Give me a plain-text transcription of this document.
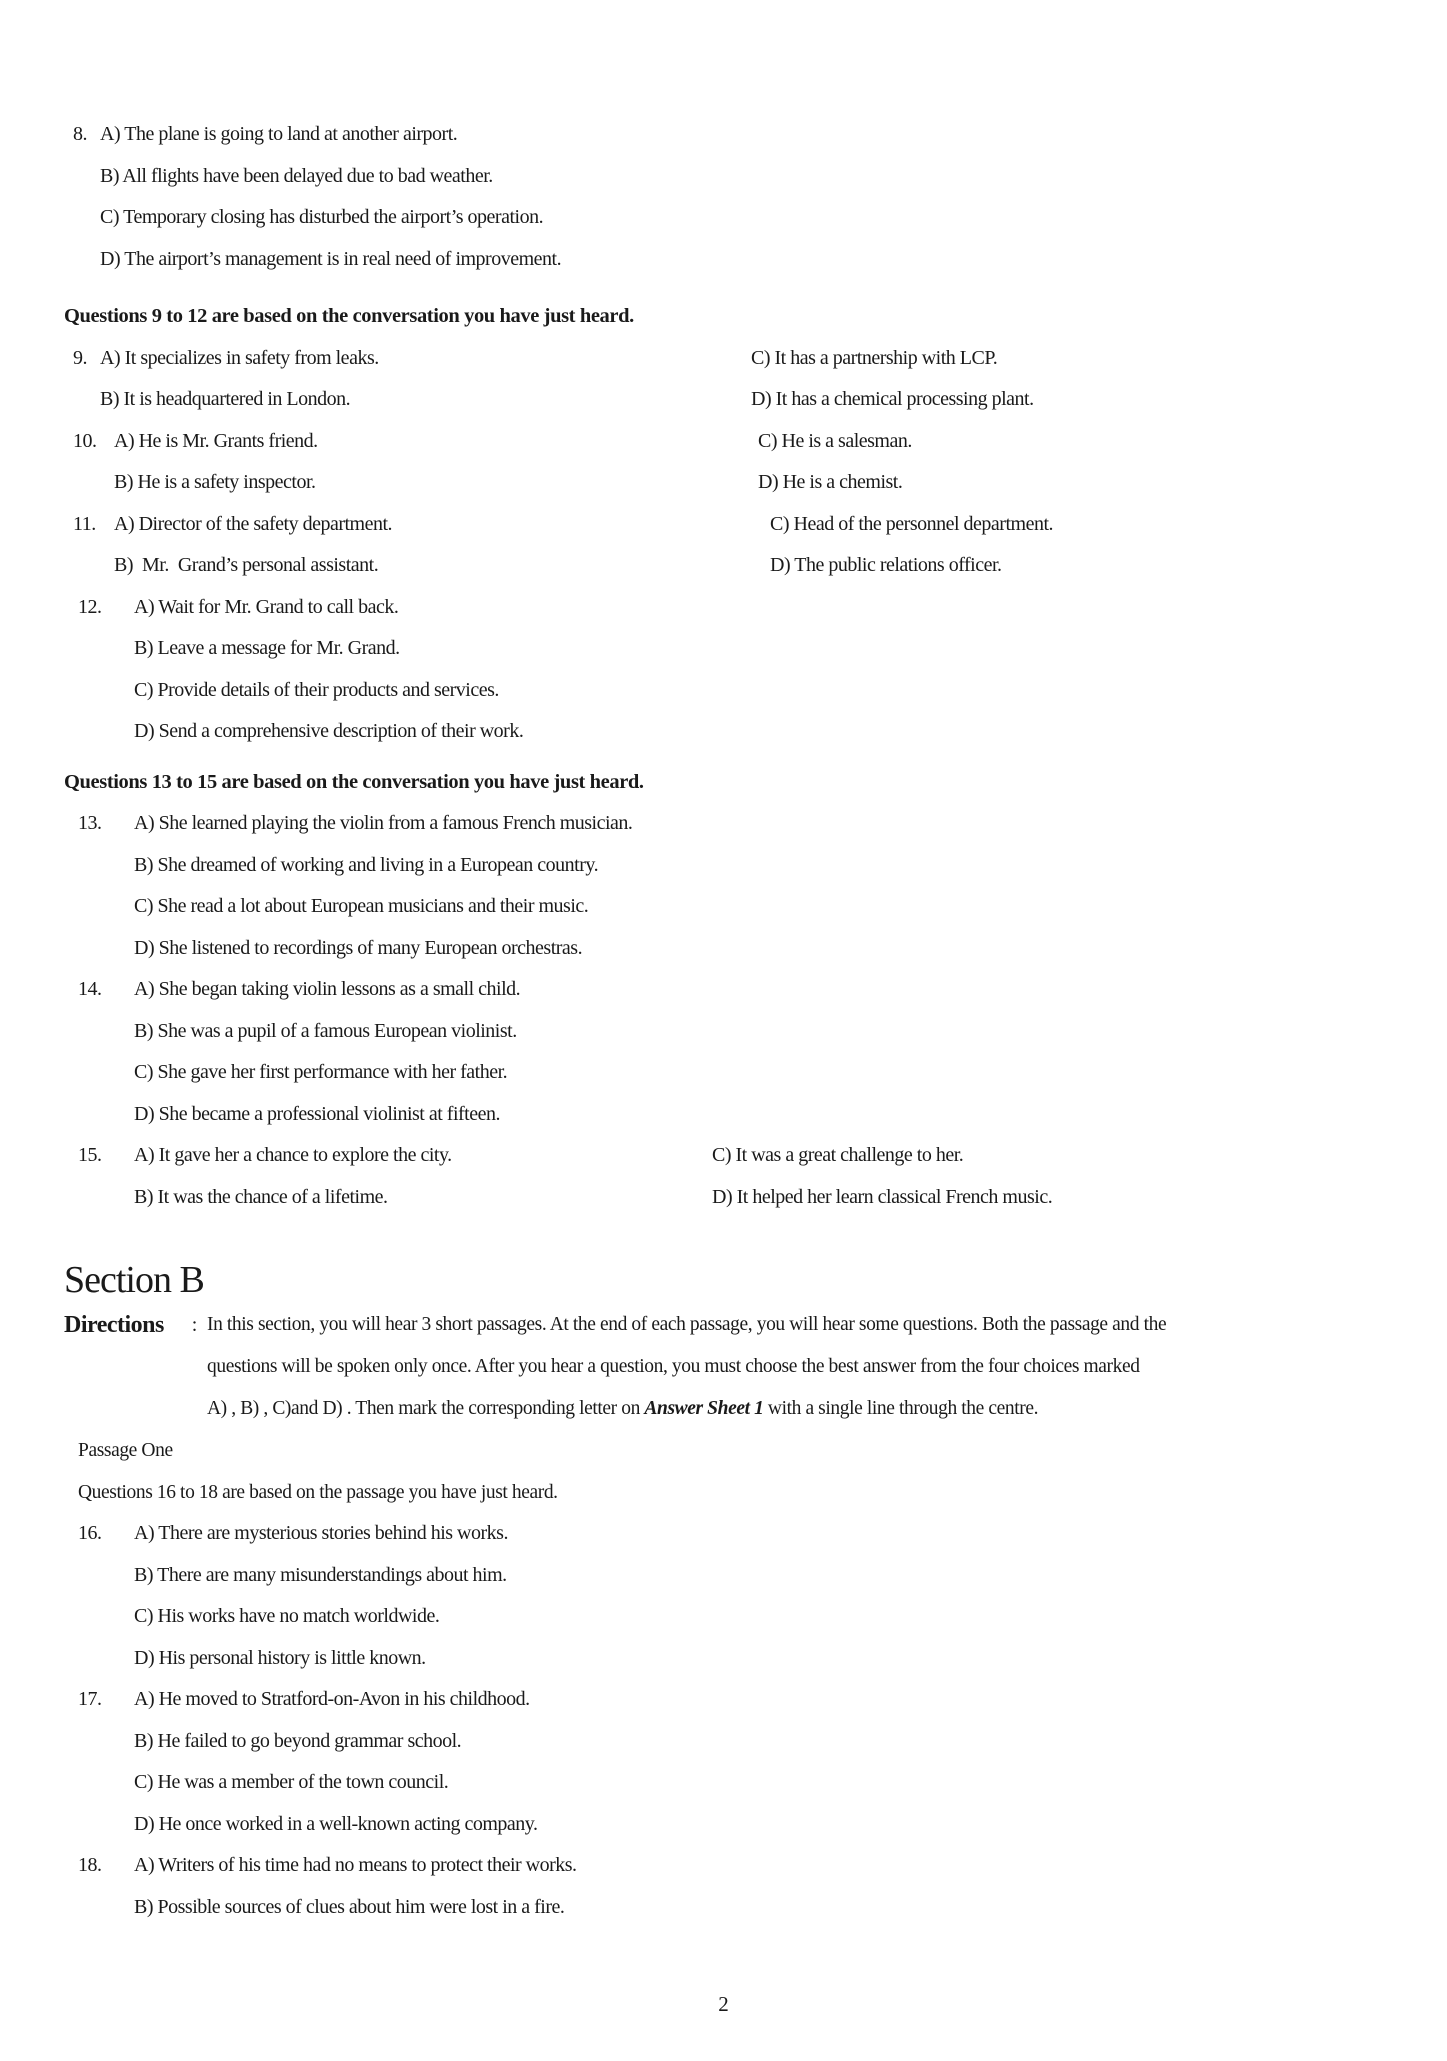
8. A) The plane is going to land at another airport.
B) All flights have been delayed due to bad weather.
C) Temporary closing has disturbed the airport’s operation.
D) The airport’s management is in real need of improvement.
Questions 9 to 12 are based on the conversation you have just heard.
9. A) It specializes in safety from leaks.	C) It has a partnership with LCP.
B) It is headquartered in London.	D) It has a chemical processing plant.
10. A) He is Mr. Grants friend.	C) He is a salesman.
B) He is a safety inspector.	D) He is a chemist.
11. A) Director of the safety department.	C) Head of the personnel department.
B)  Mr.  Grand’s personal assistant.	D) The public relations officer.
12. A) Wait for Mr. Grand to call back.
B) Leave a message for Mr. Grand.
C) Provide details of their products and services.
D) Send a comprehensive description of their work.
Questions 13 to 15 are based on the conversation you have just heard.
13. A) She learned playing the violin from a famous French musician.
B) She dreamed of working and living in a European country.
C) She read a lot about European musicians and their music.
D) She listened to recordings of many European orchestras.
14. A) She began taking violin lessons as a small child.
B) She was a pupil of a famous European violinist.
C) She gave her first performance with her father.
D) She became a professional violinist at fifteen.
15. A) It gave her a chance to explore the city.	C) It was a great challenge to her.
B) It was the chance of a lifetime.	D) It helped her learn classical French music.
Section B
Directions	: In this section, you will hear 3 short passages. At the end of each passage, you will hear some questions. Both the passage and the
questions will be spoken only once. After you hear a question, you must choose the best answer from the four choices marked
A) , B) , C)and D) . Then mark the corresponding letter on Answer Sheet 1 with a single line through the centre.
Passage One
Questions 16 to 18 are based on the passage you have just heard.
16. A) There are mysterious stories behind his works.
B) There are many misunderstandings about him.
C) His works have no match worldwide.
D) His personal history is little known.
17. A) He moved to Stratford-on-Avon in his childhood.
B) He failed to go beyond grammar school.
C) He was a member of the town council.
D) He once worked in a well-known acting company.
18. A) Writers of his time had no means to protect their works.
B) Possible sources of clues about him were lost in a fire.
2
